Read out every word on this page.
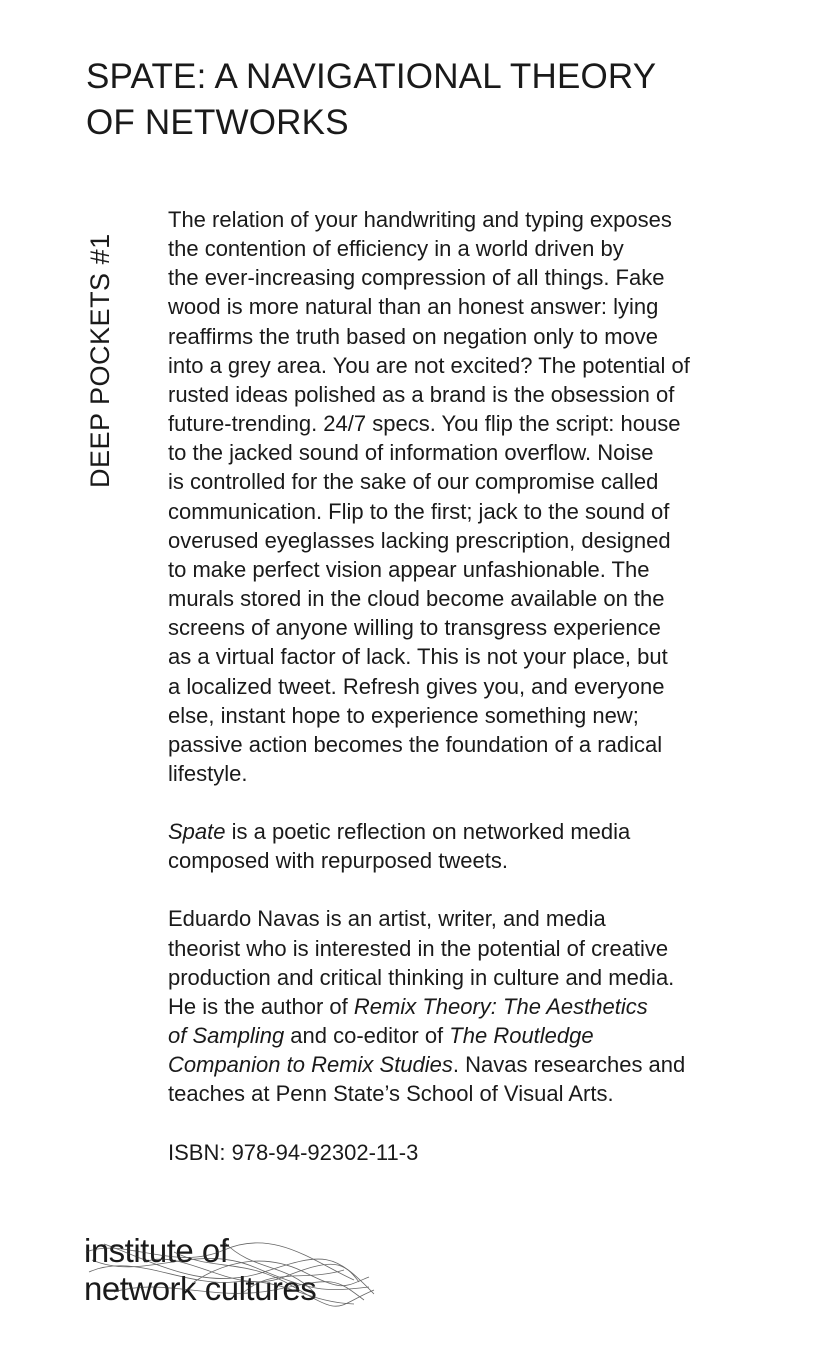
SPATE: A NAVIGATIONAL THEORY
OF NETWORKS
DEEP POCKETS #1
The relation of your handwriting and typing exposes
the contention of efficiency in a world driven by
the ever-increasing compression of all things. Fake
wood is more natural than an honest answer: lying
reaffirms the truth based on negation only to move
into a grey area. You are not excited? The potential of
rusted ideas polished as a brand is the obsession of
future-trending. 24/7 specs. You flip the script: house
to the jacked sound of information overflow. Noise
is controlled for the sake of our compromise called
communication. Flip to the first; jack to the sound of
overused eyeglasses lacking prescription, designed
to make perfect vision appear unfashionable. The
murals stored in the cloud become available on the
screens of anyone willing to transgress experience
as a virtual factor of lack. This is not your place, but
a localized tweet. Refresh gives you, and everyone
else, instant hope to experience something new;
passive action becomes the foundation of a radical
lifestyle.
Spate is a poetic reflection on networked media
composed with repurposed tweets.
Eduardo Navas is an artist, writer, and media
theorist who is interested in the potential of creative
production and critical thinking in culture and media.
He is the author of Remix Theory: The Aesthetics
of Sampling and co-editor of The Routledge
Companion to Remix Studies. Navas researches and
teaches at Penn State’s School of Visual Arts.
ISBN: 978-94-92302-11-3
institute of
network cultures
